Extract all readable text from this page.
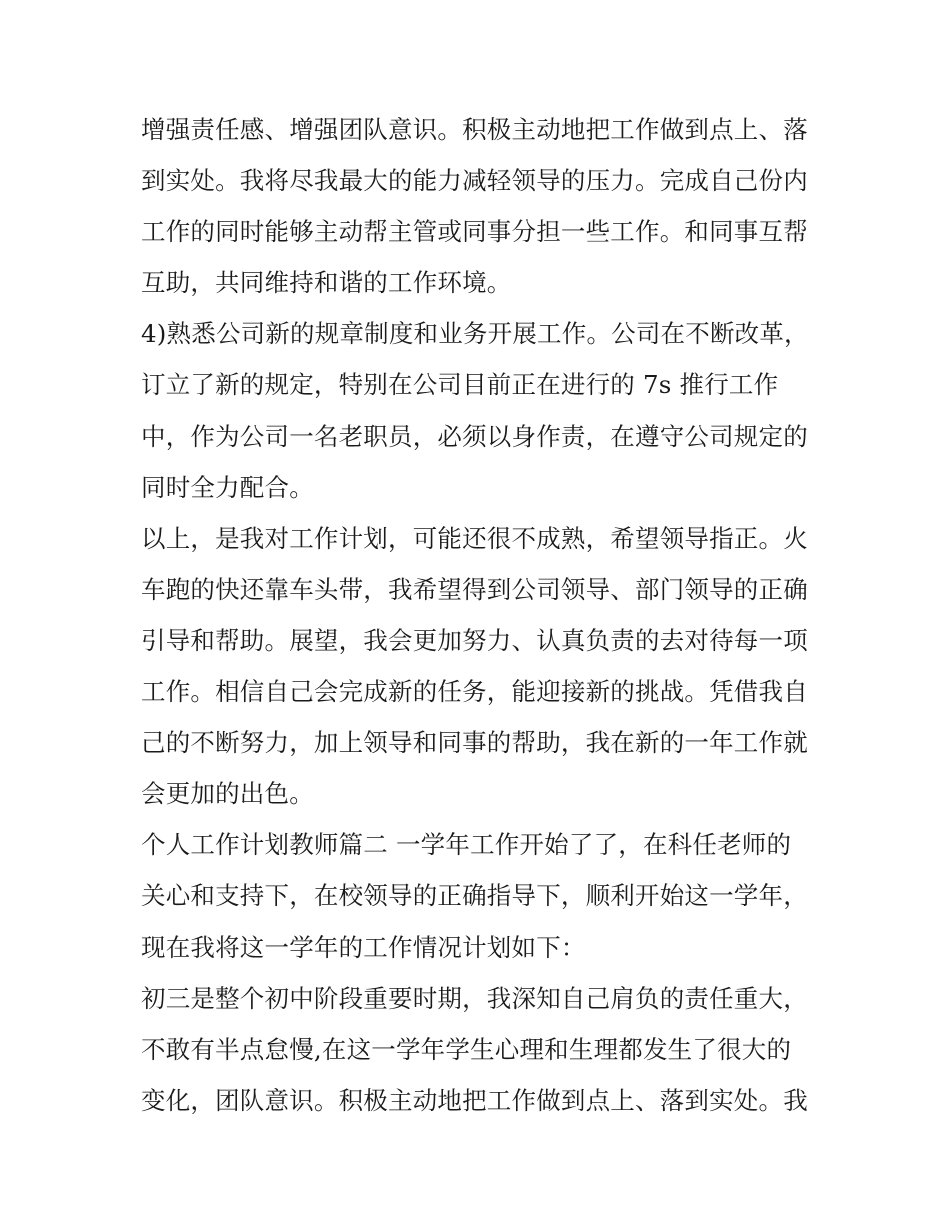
增强责任感、增强团队意识。积极主动地把工作做到点上、落
到实处。我将尽我最大的能力减轻领导的压力。完成自己份内
工作的同时能够主动帮主管或同事分担一些工作。和同事互帮
互助，共同维持和谐的工作环境。
4)熟悉公司新的规章制度和业务开展工作。公司在不断改革，
订立了新的规定，特别在公司目前正在进行的 7s 推行工作
中，作为公司一名老职员，必须以身作责，在遵守公司规定的
同时全力配合。
以上，是我对工作计划，可能还很不成熟，希望领导指正。火
车跑的快还靠车头带，我希望得到公司领导、部门领导的正确
引导和帮助。展望，我会更加努力、认真负责的去对待每一项
工作。相信自己会完成新的任务，能迎接新的挑战。凭借我自
己的不断努力，加上领导和同事的帮助，我在新的一年工作就
会更加的出色。
个人工作计划教师篇二 一学年工作开始了了，在科任老师的
关心和支持下，在校领导的正确指导下，顺利开始这一学年，
现在我将这一学年的工作情况计划如下：
初三是整个初中阶段重要时期，我深知自己肩负的责任重大，
不敢有半点怠慢,在这一学年学生心理和生理都发生了很大的
变化，团队意识。积极主动地把工作做到点上、落到实处。我
